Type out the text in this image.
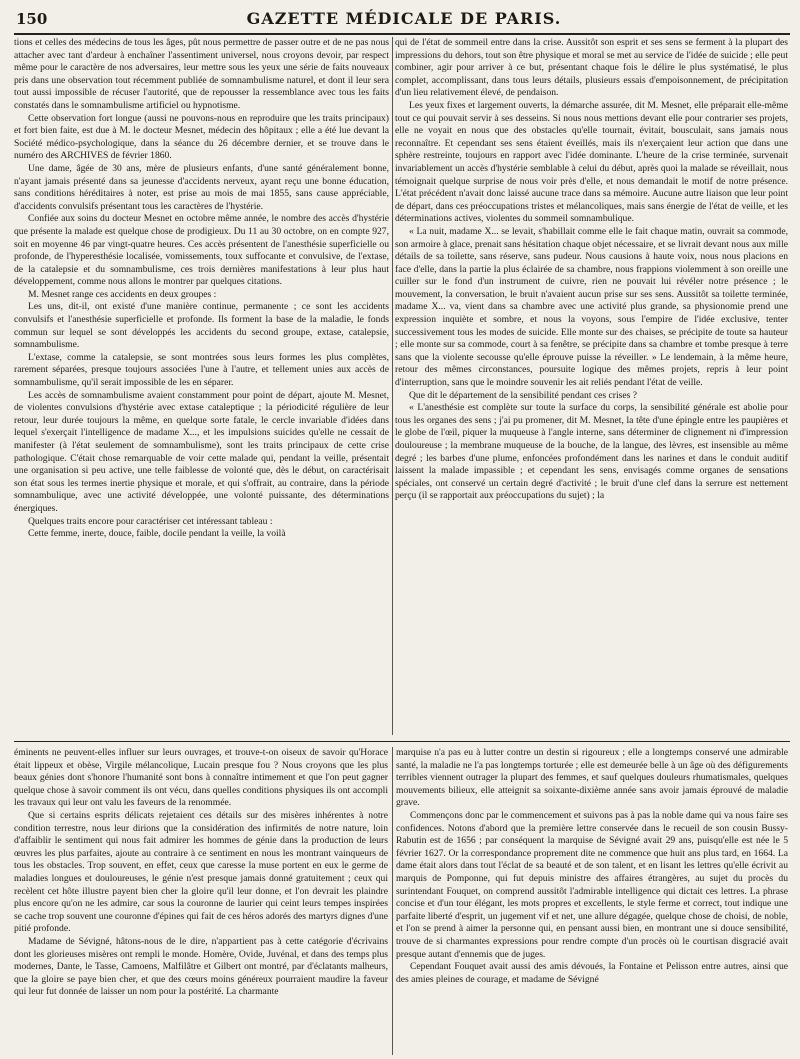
150	GAZETTE MÉDICALE DE PARIS.

tions et celles des médecins de tous les âges, pût nous permettre de passer outre et de ne pas nous attacher avec tant d'ardeur à enchaîner l'assentiment universel, nous croyons devoir, par respect même pour le caractère de nos adversaires, leur mettre sous les yeux une série de faits nouveaux pris dans une observation tout récemment publiée de somnambulisme naturel, et dont il leur sera tout aussi impossible de récuser l'autorité, que de repousser la ressemblance avec tous les faits constatés dans le somnambulisme artificiel ou hypnotisme.

Cette observation fort longue (aussi ne pouvons-nous en reproduire que les traits principaux) et fort bien faite, est due à M. le docteur Mesnet, médecin des hôpitaux ; elle a été lue devant la Société médico-psychologique, dans la séance du 26 décembre dernier, et se trouve dans le numéro des ARCHIVES de février 1860.

Une dame, âgée de 30 ans, mère de plusieurs enfants, d'une santé généralement bonne, n'ayant jamais présenté dans sa jeunesse d'accidents nerveux, ayant reçu une bonne éducation, sans conditions héréditaires à noter, est prise au mois de mai 1855, sans cause appréciable, d'accidents convulsifs présentant tous les caractères de l'hystérie.

Confiée aux soins du docteur Mesnet en octobre même année, le nombre des accès d'hystérie que présente la malade est quelque chose de prodigieux. Du 11 au 30 octobre, on en compte 927, soit en moyenne 46 par vingt-quatre heures. Ces accès présentent de l'anesthésie superficielle ou profonde, de l'hyperesthésie localisée, vomissements, toux suffocante et convulsive, de l'extase, de la catalepsie et du somnambulisme, ces trois dernières manifestations à leur plus haut développement, comme nous allons le montrer par quelques citations.

M. Mesnet range ces accidents en deux groupes :

Les uns, dit-il, ont existé d'une manière continue, permanente ; ce sont les accidents convulsifs et l'anesthésie superficielle et profonde. Ils forment la base de la maladie, le fonds commun sur lequel se sont développés les accidents du second groupe, extase, catalepsie, somnambulisme.

L'extase, comme la catalepsie, se sont montrées sous leurs formes les plus complètes, rarement séparées, presque toujours associées l'une à l'autre, et tellement unies aux accès de somnambulisme, qu'il serait impossible de les en séparer.

Les accès de somnambulisme avaient constamment pour point de départ, ajoute M. Mesnet, de violentes convulsions d'hystérie avec extase cataleptique ; la périodicité régulière de leur retour, leur durée toujours la même, en quelque sorte fatale, le cercle invariable d'idées dans lequel s'exerçait l'intelligence de madame X..., et les impulsions suicides qu'elle ne cessait de manifester (à l'état seulement de somnambulisme), sont les traits principaux de cette crise pathologique. C'était chose remarquable de voir cette malade qui, pendant la veille, présentait une organisation si peu active, une telle faiblesse de volonté que, dès le début, on caractérisait son état sous les termes inertie physique et morale, et qui s'offrait, au contraire, dans la période somnambulique, avec une activité développée, une volonté puissante, des déterminations énergiques.

Quelques traits encore pour caractériser cet intéressant tableau :

Cette femme, inerte, douce, faible, docile pendant la veille, la voilà

qui de l'état de sommeil entre dans la crise. Aussitôt son esprit et ses sens se ferment à la plupart des impressions du dehors, tout son être physique et moral se met au service de l'idée de suicide ; elle peut combiner, agir pour arriver à ce but, présentant chaque fois le délire le plus systématisé, le plus complet, accomplissant, dans tous leurs détails, plusieurs essais d'empoisonnement, de précipitation d'un lieu relativement élevé, de pendaison.

Les yeux fixes et largement ouverts, la démarche assurée, dit M. Mesnet, elle préparait elle-même tout ce qui pouvait servir à ses desseins. Si nous nous mettions devant elle pour contrarier ses projets, elle ne voyait en nous que des obstacles qu'elle tournait, évitait, bousculait, sans jamais nous reconnaître. Et cependant ses sens étaient éveillés, mais ils n'exerçaient leur action que dans une sphère restreinte, toujours en rapport avec l'idée dominante. L'heure de la crise terminée, survenait invariablement un accès d'hystérie semblable à celui du début, après quoi la malade se réveillait, nous témoignait quelque surprise de nous voir près d'elle, et nous demandait le motif de notre présence. L'état précédent n'avait donc laissé aucune trace dans sa mémoire. Aucune autre liaison que leur point de départ, dans ces préoccupations tristes et mélancoliques, mais sans énergie de l'état de veille, et les déterminations actives, violentes du sommeil somnambulique.

« La nuit, madame X... se levait, s'habillait comme elle le fait chaque matin, ouvrait sa commode, son armoire à glace, prenait sans hésitation chaque objet nécessaire, et se livrait devant nous aux mille détails de sa toilette, sans réserve, sans pudeur. Nous causions à haute voix, nous nous placions en face d'elle, dans la partie la plus éclairée de sa chambre, nous frappions violemment à son oreille une cuiller sur le fond d'un instrument de cuivre, rien ne pouvait lui révéler notre présence ; le mouvement, la conversation, le bruit n'avaient aucun prise sur ses sens. Aussitôt sa toilette terminée, madame X... va, vient dans sa chambre avec une activité plus grande, sa physionomie prend une expression inquiète et sombre, et nous la voyons, sous l'empire de l'idée exclusive, tenter successivement tous les modes de suicide. Elle monte sur des chaises, se précipite de toute sa hauteur ; elle monte sur sa commode, court à sa fenêtre, se précipite dans sa chambre et tombe presque à terre sans que la violente secousse qu'elle éprouve puisse la réveiller. » Le lendemain, à la même heure, retour des mêmes circonstances, poursuite logique des mêmes projets, repris à leur point d'interruption, sans que le moindre souvenir les ait reliés pendant l'état de veille.

Que dit le département de la sensibilité pendant ces crises ?

« L'anesthésie est complète sur toute la surface du corps, la sensibilité générale est abolie pour tous les organes des sens ; j'ai pu promener, dit M. Mesnet, la tête d'une épingle entre les paupières et le globe de l'œil, piquer la muqueuse à l'angle interne, sans déterminer de clignement ni d'impression douloureuse ; la membrane muqueuse de la bouche, de la langue, des lèvres, est insensible au même degré ; les barbes d'une plume, enfoncées profondément dans les narines et dans le conduit auditif laissent la malade impassible ; et cependant les sens, envisagés comme organes de sensations spéciales, ont conservé un certain degré d'activité ; le bruit d'une clef dans la serrure est nettement perçu (il se rapportait aux préoccupations du sujet) ; la

éminents ne peuvent-elles influer sur leurs ouvrages, et trouve-t-on oiseux de savoir qu'Horace était lippeux et obèse, Virgile mélancolique, Lucain presque fou ? Nous croyons que les plus beaux génies dont s'honore l'humanité sont bons à connaître intimement et que l'on peut gagner quelque chose à savoir comment ils ont vécu, dans quelles conditions physiques ils ont accompli les travaux qui leur ont valu les faveurs de la renommée.

Que si certains esprits délicats rejetaient ces détails sur des misères inhérentes à notre condition terrestre, nous leur dirions que la considération des infirmités de notre nature, loin d'affaiblir le sentiment qui nous fait admirer les hommes de génie dans la production de leurs œuvres les plus parfaites, ajoute au contraire à ce sentiment en nous les montrant vainqueurs de tous les obstacles. Trop souvent, en effet, ceux que caresse la muse portent en eux le germe de maladies longues et douloureuses, le génie n'est presque jamais donné gratuitement ; ceux qui recèlent cet hôte illustre payent bien cher la gloire qu'il leur donne, et l'on devrait les plaindre plus encore qu'on ne les admire, car sous la couronne de laurier qui ceint leurs tempes inspirées se cache trop souvent une couronne d'épines qui fait de ces héros adorés des martyrs dignes d'une pitié profonde.

Madame de Sévigné, hâtons-nous de le dire, n'appartient pas à cette catégorie d'écrivains dont les glorieuses misères ont rempli le monde. Homère, Ovide, Juvénal, et dans des temps plus modernes, Dante, le Tasse, Camoens, Malfilâtre et Gilbert ont montré, par d'éclatants malheurs, que la gloire se paye bien cher, et que des cœurs moins généreux pourraient maudire la faveur qui leur fut donnée de laisser un nom pour la postérité. La charmante

marquise n'a pas eu à lutter contre un destin si rigoureux ; elle a longtemps conservé une admirable santé, la maladie ne l'a pas longtemps torturée ; elle est demeurée belle à un âge où des défigurements terribles viennent outrager la plupart des femmes, et sauf quelques douleurs rhumatismales, quelques mouvements bilieux, elle atteignit sa soixante-dixième année sans avoir jamais éprouvé de maladie grave.

Commençons donc par le commencement et suivons pas à pas la noble dame qui va nous faire ses confidences. Notons d'abord que la première lettre conservée dans le recueil de son cousin Bussy-Rabutin est de 1656 ; par conséquent la marquise de Sévigné avait 29 ans, puisqu'elle est née le 5 février 1627. Or la correspondance proprement dite ne commence que huit ans plus tard, en 1664. La dame était alors dans tout l'éclat de sa beauté et de son talent, et en lisant les lettres qu'elle écrivit au marquis de Pomponne, qui fut depuis ministre des affaires étrangères, au sujet du procès du surintendant Fouquet, on comprend aussitôt l'admirable intelligence qui dictait ces lettres. La phrase concise et d'un tour élégant, les mots propres et excellents, le style ferme et correct, tout indique une parfaite liberté d'esprit, un jugement vif et net, une allure dégagée, quelque chose de choisi, de noble, et l'on se prend à aimer la personne qui, en pensant aussi bien, en montrant une si douce sensibilité, trouve de si charmantes expressions pour rendre compte d'un procès où le courtisan disgracié avait presque autant d'ennemis que de juges.

Cependant Fouquet avait aussi des amis dévoués, la Fontaine et Pelisson entre autres, ainsi que des amies pleines de courage, et madame de Sévigné
